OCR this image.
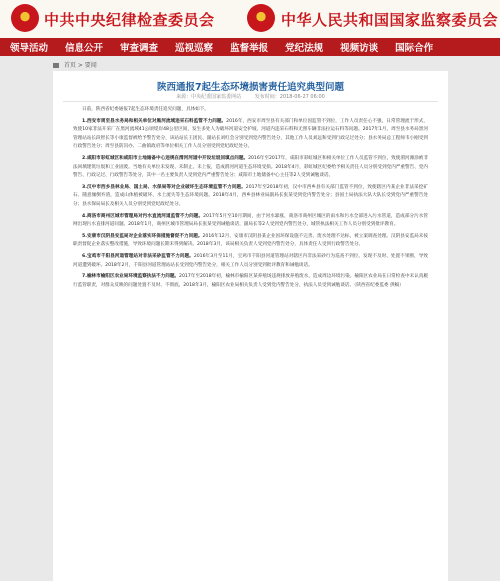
中共中央纪律检查委员会	中华人民共和国国家监察委员会
领导活动	信息公开	审查调查	巡视巡察	监督举报	党纪法规	视频访谈	国际合作
首页 > 要闻
陕西通报7起生态环境损害责任追究典型问题
来源：中央纪委国家监委网站	发布时间：2018-06-27 06:00

日前，陕西省纪委通报7起生态环境责任追究问题，具体如下。

1.西安市周至县水务局和相关单位对黑河流域违采石料监管不力问题。2016年，西安市周至县有关部门和单位因监管不到位，工作人员责任心不强，日常管理流于形式，致使10家非法开采厂在黑河流域41公顷堤岸48公里区间，发生多处人为破坏河道安全护坡、河道内违采石料和无照车辆非法拉运石料等问题。2017年1月，周至县水务局黑河管理站站长段智长等小康监督被给予警告处分，该站站长王团民、副站长刘红会分别受到党内警告处分，其他工作人员刘远和受到行政记过处分；县水务局总工程师韦小刚受到行政警告处分；周至县防汛办、二曲镇政府等单位相关工作人员分别受到党纪政纪处分。

2.咸阳市彩虹城区和咸阳市土地储备中心违规在渭河河道中开设垃圾回填点问题。2016年至2017年，咸阳市彩虹城区和相关单位工作人员监管不到位，致使渭河滩涂被非法回填建筑垃圾和工业固废。当地有关单位未发现、未制止、未上报，造成渭河河道生态环境受损。2018年4月，彩虹城区纪委给予相关责任人员分别受到党内严重警告、党内警告、行政记过、行政警告等处分，其中一名主要负责人受到党内严重警告处分；咸阳市土地储备中心主任等2人受到诫勉谈话。

3.汉中市西乡县林业局、国土局、水保局等对企业破坏生态环境监管不力问题。2017年至2018年初，汉中市西乡县有关部门监管不到位，致使辖区内某企业非法采挖矿石、随意倾倒弃渣，造成山体植被破坏、水土流失等生态环境问题。2018年4月，西乡县林业局副局长张某受到党内警告处分；县国土局执法大队大队长受到党内严重警告处分；县水保局局长及相关人员分别受到党纪政纪处分。

4.商洛市商州区城市管理局对污水直流河道监管不力问题。2017年5月至10月期间，由于河水暴涨，商洛市商州区城区的雨水和污水全部进入污水管道，造成部分污水管网出现污水直排河道问题。2018年1月，商州区城市管理局局长张某受到诫勉谈话，副局长等2人受到党内警告处分，城管执法相关工作人员分别受到批评教育。

5.安康市汉阴县安监局对企业落实环保措施督促不力问题。2016年12月，安康市汉阴县某企业因环保设施不完善、废水处理不达标，被立案调查处理。汉阴县安监局未按职责督促企业落实整改措施，导致环境问题长期未得到解决。2018年3月，该局相关负责人受到党内警告处分，具体责任人受到行政警告处分。

6.宝鸡市千阳县河道管理站对非法采砂监管不力问题。2016年3月至11月，宝鸡市千阳县河道管理站对辖区内非法采砂行为巡查不到位、发现不及时、处置不果断，导致河道遭到破坏。2018年2月，千阳县河道管理站站长受到党内警告处分，相关工作人员分别受到批评教育和诫勉谈话。

7.榆林市榆阳区农业局环境监察执法不力问题。2017年至2018年初，榆林市榆阳区某养殖场违规排放养殖废水，造成周边环境污染。榆阳区农业局在日常检查中未认真履行监管职责，对群众反映的问题处置不及时、不彻底。2018年3月，榆阳区农业局相关负责人受到党内警告处分，执法人员受到诫勉谈话。（陕西省纪委监委 供稿）
